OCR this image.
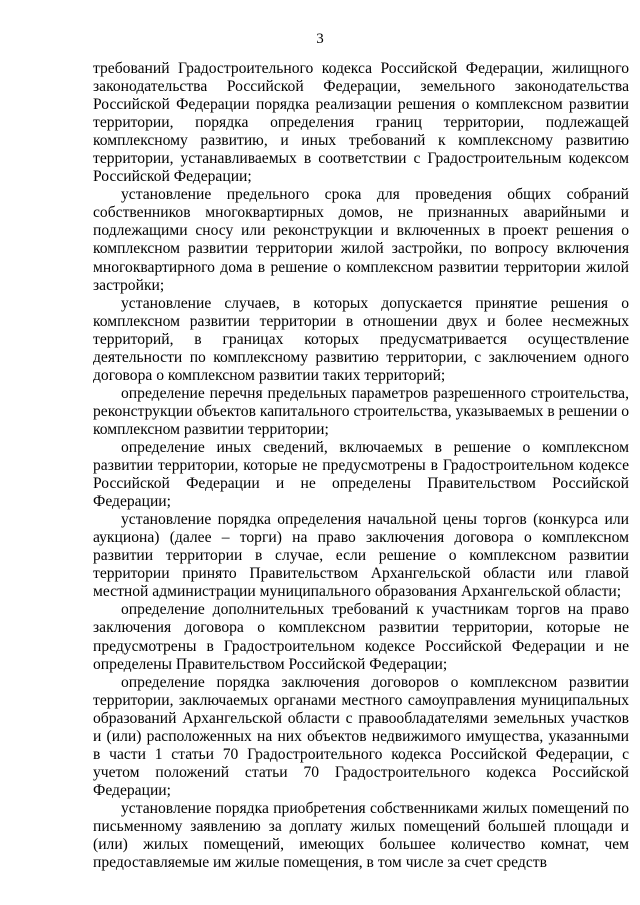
3

требований Градостроительного кодекса Российской Федерации, жилищного законодательства Российской Федерации, земельного законодательства Российской Федерации порядка реализации решения о комплексном развитии территории, порядка определения границ территории, подлежащей комплексному развитию, и иных требований к комплексному развитию территории, устанавливаемых в соответствии с Градостроительным кодексом Российской Федерации;

установление предельного срока для проведения общих собраний собственников многоквартирных домов, не признанных аварийными и подлежащими сносу или реконструкции и включенных в проект решения о комплексном развитии территории жилой застройки, по вопросу включения многоквартирного дома в решение о комплексном развитии территории жилой застройки;

установление случаев, в которых допускается принятие решения о комплексном развитии территории в отношении двух и более несмежных территорий, в границах которых предусматривается осуществление деятельности по комплексному развитию территории, с заключением одного договора о комплексном развитии таких территорий;

определение перечня предельных параметров разрешенного строительства, реконструкции объектов капитального строительства, указываемых в решении о комплексном развитии территории;

определение иных сведений, включаемых в решение о комплексном развитии территории, которые не предусмотрены в Градостроительном кодексе Российской Федерации и не определены Правительством Российской Федерации;

установление порядка определения начальной цены торгов (конкурса или аукциона) (далее – торги) на право заключения договора о комплексном развитии территории в случае, если решение о комплексном развитии территории принято Правительством Архангельской области или главой местной администрации муниципального образования Архангельской области;

определение дополнительных требований к участникам торгов на право заключения договора о комплексном развитии территории, которые не предусмотрены в Градостроительном кодексе Российской Федерации и не определены Правительством Российской Федерации;

определение порядка заключения договоров о комплексном развитии территории, заключаемых органами местного самоуправления муниципальных образований Архангельской области с правообладателями земельных участков и (или) расположенных на них объектов недвижимого имущества, указанными в части 1 статьи 70 Градостроительного кодекса Российской Федерации, с учетом положений статьи 70 Градостроительного кодекса Российской Федерации;

установление порядка приобретения собственниками жилых помещений по письменному заявлению за доплату жилых помещений большей площади и (или) жилых помещений, имеющих большее количество комнат, чем предоставляемые им жилые помещения, в том числе за счет средств
